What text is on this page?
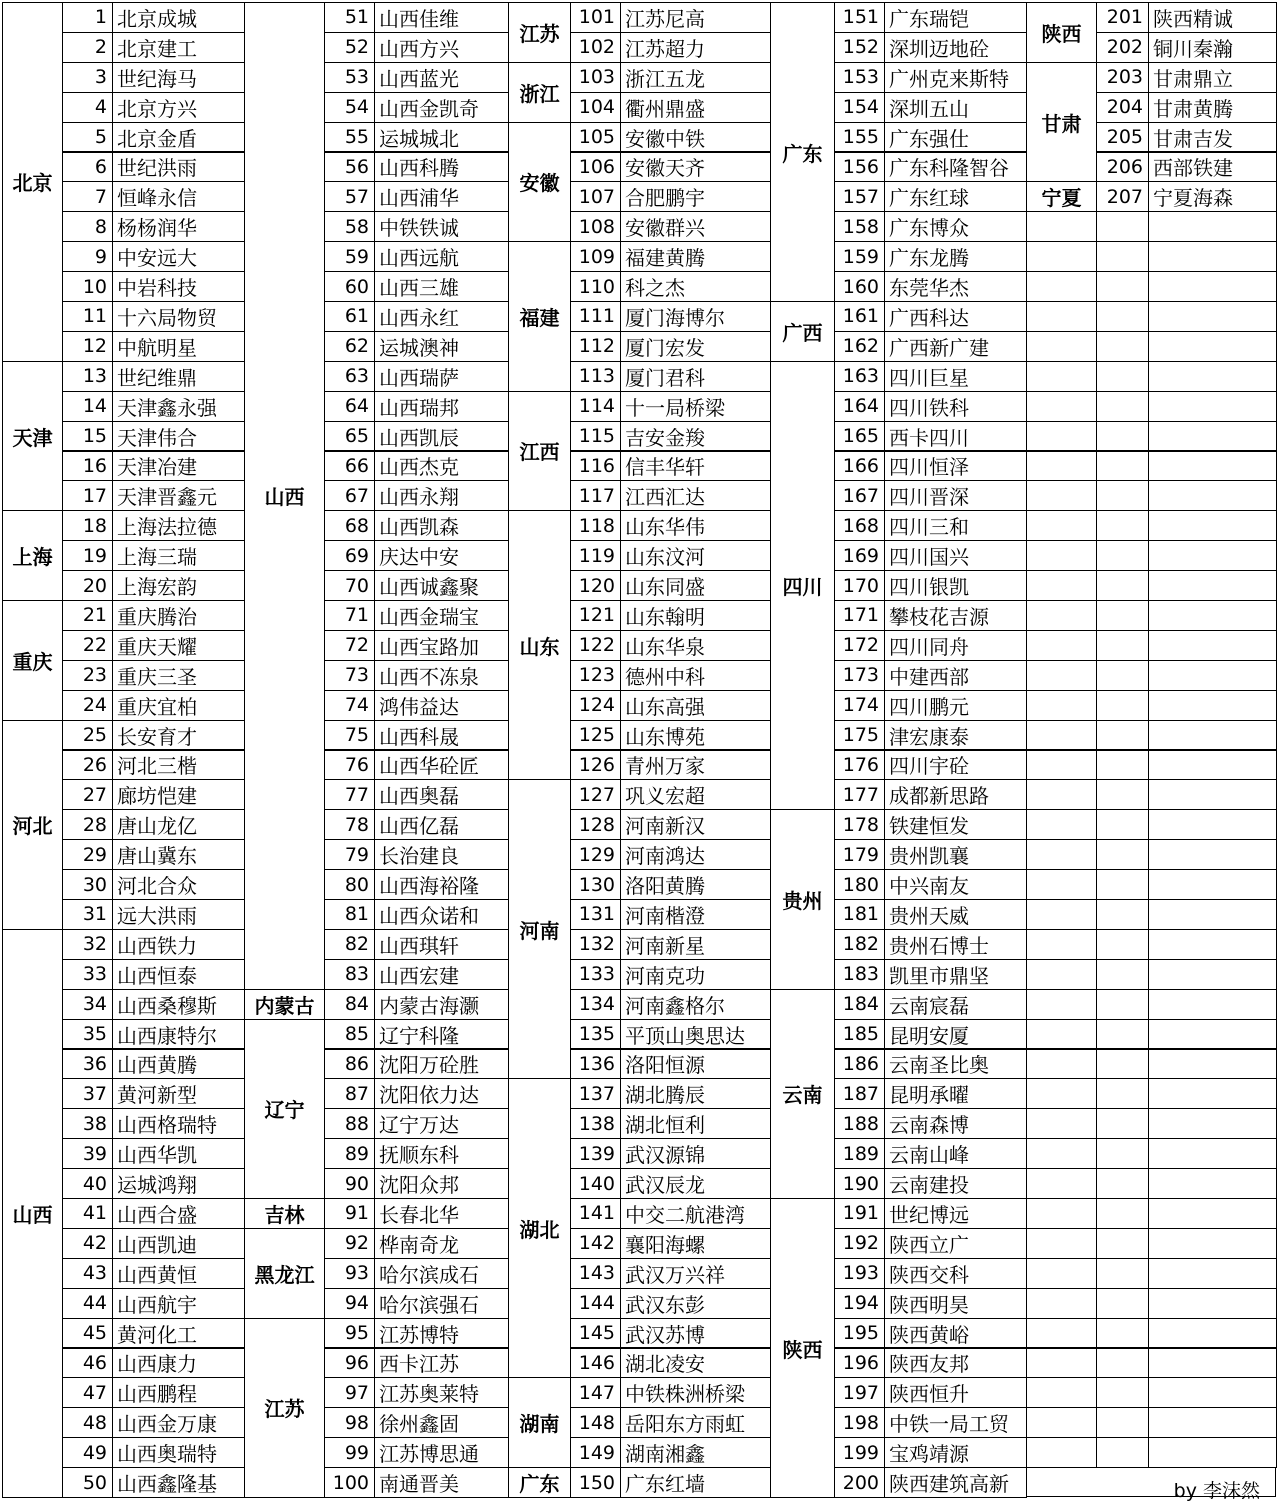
1 北京成城
2 北京建工
3 世纪海马
4 北京方兴
5 北京金盾
6 世纪洪雨
7 恒峰永信
8 杨杨润华
9 中安远大
10 中岩科技
11 十六局物贸
12 中航明星
13 世纪维鼎
14 天津鑫永强
15 天津伟合
16 天津冶建
17 天津晋鑫元
18 上海法拉德
19 上海三瑞
20 上海宏韵
21 重庆腾治
22 重庆天耀
23 重庆三圣
24 重庆宜柏
25 长安育才
26 河北三楷
27 廊坊恺建
28 唐山龙亿
29 唐山冀东
30 河北合众
31 远大洪雨
32 山西铁力
33 山西恒泰
34 山西桑穆斯
35 山西康特尔
36 山西黄腾
37 黄河新型
38 山西格瑞特
39 山西华凯
40 运城鸿翔
41 山西合盛
42 山西凯迪
43 山西黄恒
44 山西航宇
45 黄河化工
46 山西康力
47 山西鹏程
48 山西金万康
49 山西奥瑞特
50 山西鑫隆基
51 山西佳维
52 山西方兴
53 山西蓝光
54 山西金凯奇
55 运城城北
56 山西科腾
57 山西浦华
58 中铁铁诚
59 山西远航
60 山西三雄
61 山西永红
62 运城澳神
63 山西瑞萨
64 山西瑞邦
65 山西凯辰
66 山西杰克
67 山西永翔
68 山西凯森
69 庆达中安
70 山西诚鑫聚
71 山西金瑞宝
72 山西宝路加
73 山西不冻泉
74 鸿伟益达
75 山西科晟
76 山西华砼匠
77 山西奥磊
78 山西亿磊
79 长治建良
80 山西海裕隆
81 山西众诺和
82 山西琪轩
83 山西宏建
84 内蒙古海灏
85 辽宁科隆
86 沈阳万砼胜
87 沈阳依力达
88 辽宁万达
89 抚顺东科
90 沈阳众邦
91 长春北华
92 桦南奇龙
93 哈尔滨成石
94 哈尔滨强石
95 江苏博特
96 西卡江苏
97 江苏奥莱特
98 徐州鑫固
99 江苏博思通
100 南通晋美
101 江苏尼高
102 江苏超力
103 浙江五龙
104 衢州鼎盛
105 安徽中铁
106 安徽天齐
107 合肥鹏宇
108 安徽群兴
109 福建黄腾
110 科之杰
111 厦门海博尔
112 厦门宏发
113 厦门君科
114 十一局桥梁
115 吉安金羧
116 信丰华轩
117 江西汇达
118 山东华伟
119 山东汶河
120 山东同盛
121 山东翰明
122 山东华泉
123 德州中科
124 山东高强
125 山东博苑
126 青州万家
127 巩义宏超
128 河南新汉
129 河南鸿达
130 洛阳黄腾
131 河南楷澄
132 河南新星
133 河南克功
134 河南鑫格尔
135 平顶山奥思达
136 洛阳恒源
137 湖北腾辰
138 湖北恒利
139 武汉源锦
140 武汉辰龙
141 中交二航港湾
142 襄阳海螺
143 武汉万兴祥
144 武汉东彭
145 武汉苏博
146 湖北凌安
147 中铁株洲桥梁
148 岳阳东方雨虹
149 湖南湘鑫
150 广东红墙
151 广东瑞铠
152 深圳迈地砼
153 广州克来斯特
154 深圳五山
155 广东强仕
156 广东科隆智谷
157 广东红球
158 广东博众
159 广东龙腾
160 东莞华杰
161 广西科达
162 广西新广建
163 四川巨星
164 四川铁科
165 西卡四川
166 四川恒泽
167 四川晋深
168 四川三和
169 四川国兴
170 四川银凯
171 攀枝花吉源
172 四川同舟
173 中建西部
174 四川鹏元
175 津宏康泰
176 四川宇砼
177 成都新思路
178 铁建恒发
179 贵州凯襄
180 中兴南友
181 贵州天威
182 贵州石博士
183 凯里市鼎坚
184 云南宸磊
185 昆明安厦
186 云南圣比奥
187 昆明承曜
188 云南森博
189 云南山峰
190 云南建投
191 世纪博远
192 陕西立广
193 陕西交科
194 陕西明昊
195 陕西黄峪
196 陕西友邦
197 陕西恒升
198 中铁一局工贸
199 宝鸡靖源
200 陕西建筑高新
201 陕西精诚
202 铜川秦瀚
203 甘肃鼎立
204 甘肃黄腾
205 甘肃吉发
206 西部铁建
207 宁夏海森
北京
天津
上海
重庆
河北
山西
山西
内蒙古
辽宁
吉林
黑龙江
江苏
江苏
浙江
安徽
福建
江西
山东
河南
湖北
湖南
广东
广东
广西
四川
贵州
云南
陕西
陕西
甘肃
宁夏
by 李沫然
